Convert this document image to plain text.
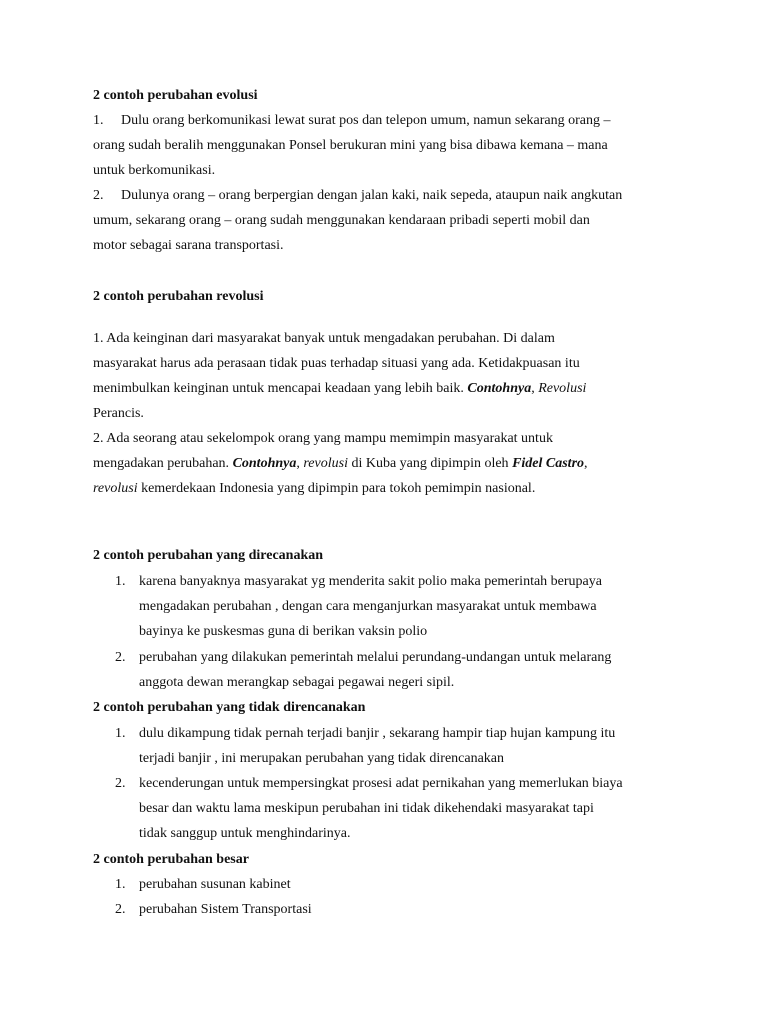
2 contoh perubahan evolusi
1. Dulu orang berkomunikasi lewat surat pos dan telepon umum, namun sekarang orang –
orang sudah beralih menggunakan Ponsel berukuran mini yang bisa dibawa kemana – mana
untuk berkomunikasi.
2. Dulunya orang – orang berpergian dengan jalan kaki, naik sepeda, ataupun naik angkutan
umum, sekarang orang – orang sudah menggunakan kendaraan pribadi seperti mobil dan
motor sebagai sarana transportasi.
2 contoh perubahan revolusi
1. Ada keinginan dari masyarakat banyak untuk mengadakan perubahan. Di dalam
masyarakat harus ada perasaan tidak puas terhadap situasi yang ada. Ketidakpuasan itu
menimbulkan keinginan untuk mencapai keadaan yang lebih baik. Contohnya, Revolusi
Perancis.
2. Ada seorang atau sekelompok orang yang mampu memimpin masyarakat untuk
mengadakan perubahan. Contohnya, revolusi di Kuba yang dipimpin oleh Fidel Castro,
revolusi kemerdekaan Indonesia yang dipimpin para tokoh pemimpin nasional.
2 contoh perubahan yang direcanakan
1. karena banyaknya masyarakat yg menderita sakit polio maka pemerintah berupaya
mengadakan perubahan , dengan cara menganjurkan masyarakat untuk membawa
bayinya ke puskesmas guna di berikan vaksin polio
2. perubahan yang dilakukan pemerintah melalui perundang-undangan untuk melarang
anggota dewan merangkap sebagai pegawai negeri sipil.
2 contoh perubahan yang tidak direncanakan
1. dulu dikampung tidak pernah terjadi banjir , sekarang hampir tiap hujan kampung itu
terjadi banjir , ini merupakan perubahan yang tidak direncanakan
2. kecenderungan untuk mempersingkat prosesi adat pernikahan yang memerlukan biaya
besar dan waktu lama meskipun perubahan ini tidak dikehendaki masyarakat tapi
tidak sanggup untuk menghindarinya.
2 contoh perubahan besar
1. perubahan susunan kabinet
2. perubahan Sistem Transportasi
